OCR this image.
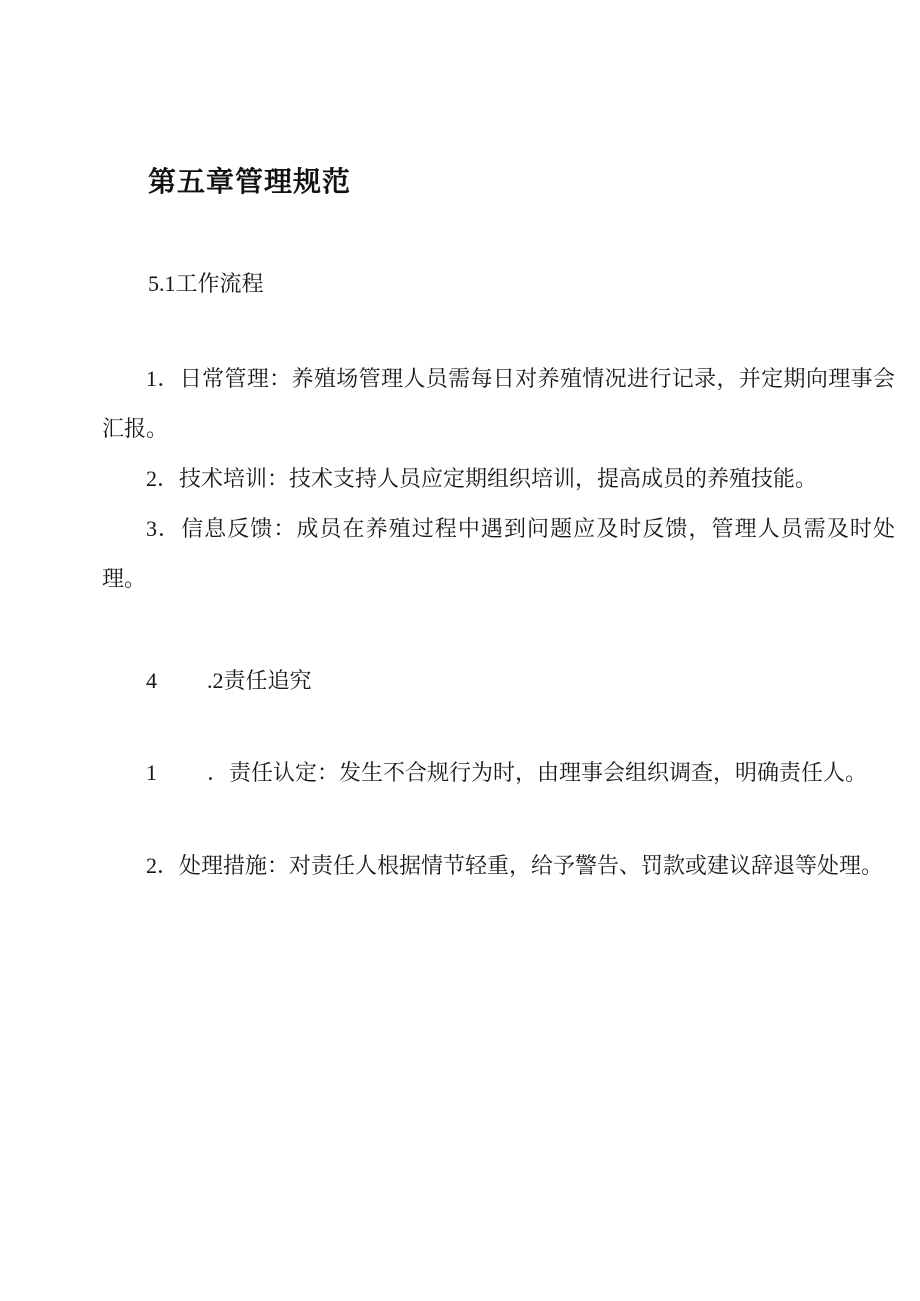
第五章管理规范
5.1工作流程

1．日常管理：养殖场管理人员需每日对养殖情况进行记录，并定期向理事会汇报。

2．技术培训：技术支持人员应定期组织培训，提高成员的养殖技能。

3．信息反馈：成员在养殖过程中遇到问题应及时反馈，管理人员需及时处理。

4 .2责任追究

1 ．责任认定：发生不合规行为时，由理事会组织调查，明确责任人。

2．处理措施：对责任人根据情节轻重，给予警告、罚款或建议辞退等处理。
